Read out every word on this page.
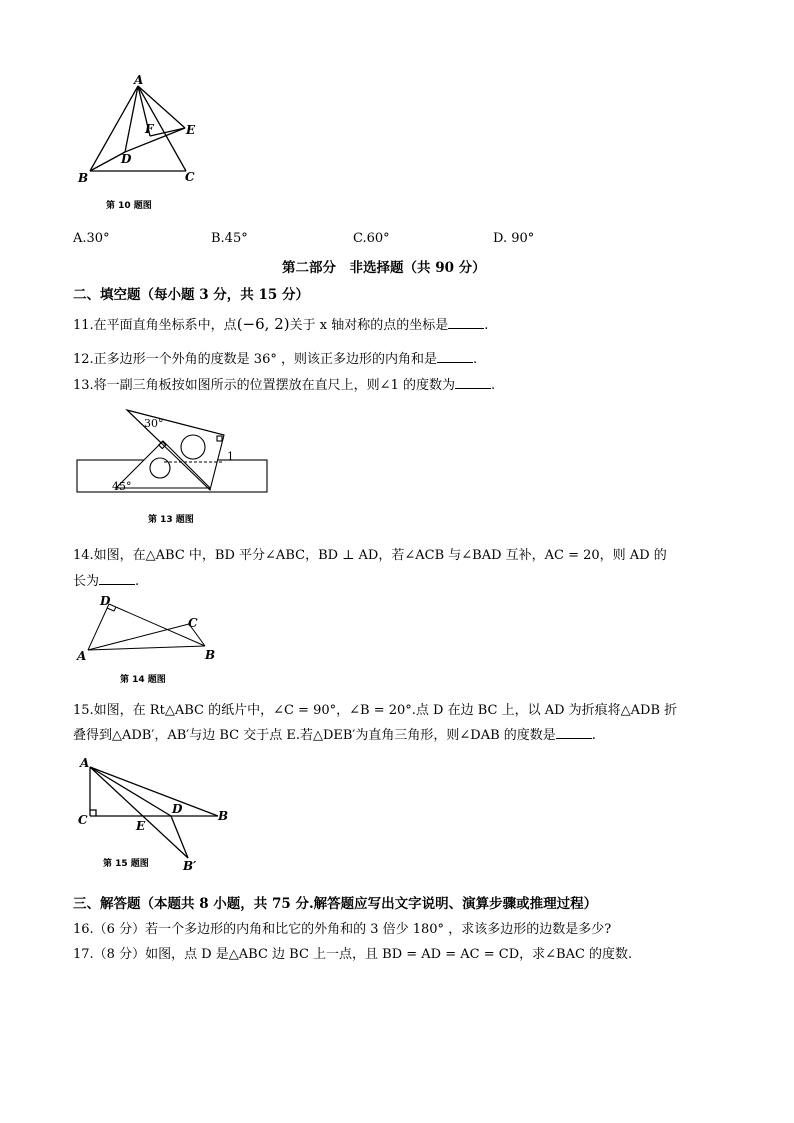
A
B	C
D
E
F
第 10 题图
A.30°	B.45°	C.60°	D. 90°
第二部分　非选择题（共 90 分）
二、填空题（每小题 3 分，共 15 分）
11.在平面直角坐标系中，点(−6, 2)关于 x 轴对称的点的坐标是	.
12.正多边形一个外角的度数是 36° ，则该正多边形的内角和是	.
13.将一副三角板按如图所示的位置摆放在直尺上，则∠1 的度数为	.
30°
45°
1
第 13 题图
14.如图，在△ABC 中，BD 平分∠ABC，BD ⊥ AD，若∠ACB 与∠BAD 互补，AC = 20，则 AD 的
长为	.
A	B
C
D
第 14 题图
15.如图，在 Rt△ABC 的纸片中，∠C = 90°，∠B = 20°.点 D 在边 BC 上，以 AD 为折痕将△ADB 折
叠得到△ADB′，AB′与边 BC 交于点 E.若△DEB′为直角三角形，则∠DAB 的度数是	.
A
B
C
D
E
B′
第 15 题图
三、解答题（本题共 8 小题，共 75 分.解答题应写出文字说明、演算步骤或推理过程）
16.（6 分）若一个多边形的内角和比它的外角和的 3 倍少 180° ，求该多边形的边数是多少?
17.（8 分）如图，点 D 是△ABC 边 BC 上一点，且 BD = AD = AC = CD，求∠BAC 的度数.
